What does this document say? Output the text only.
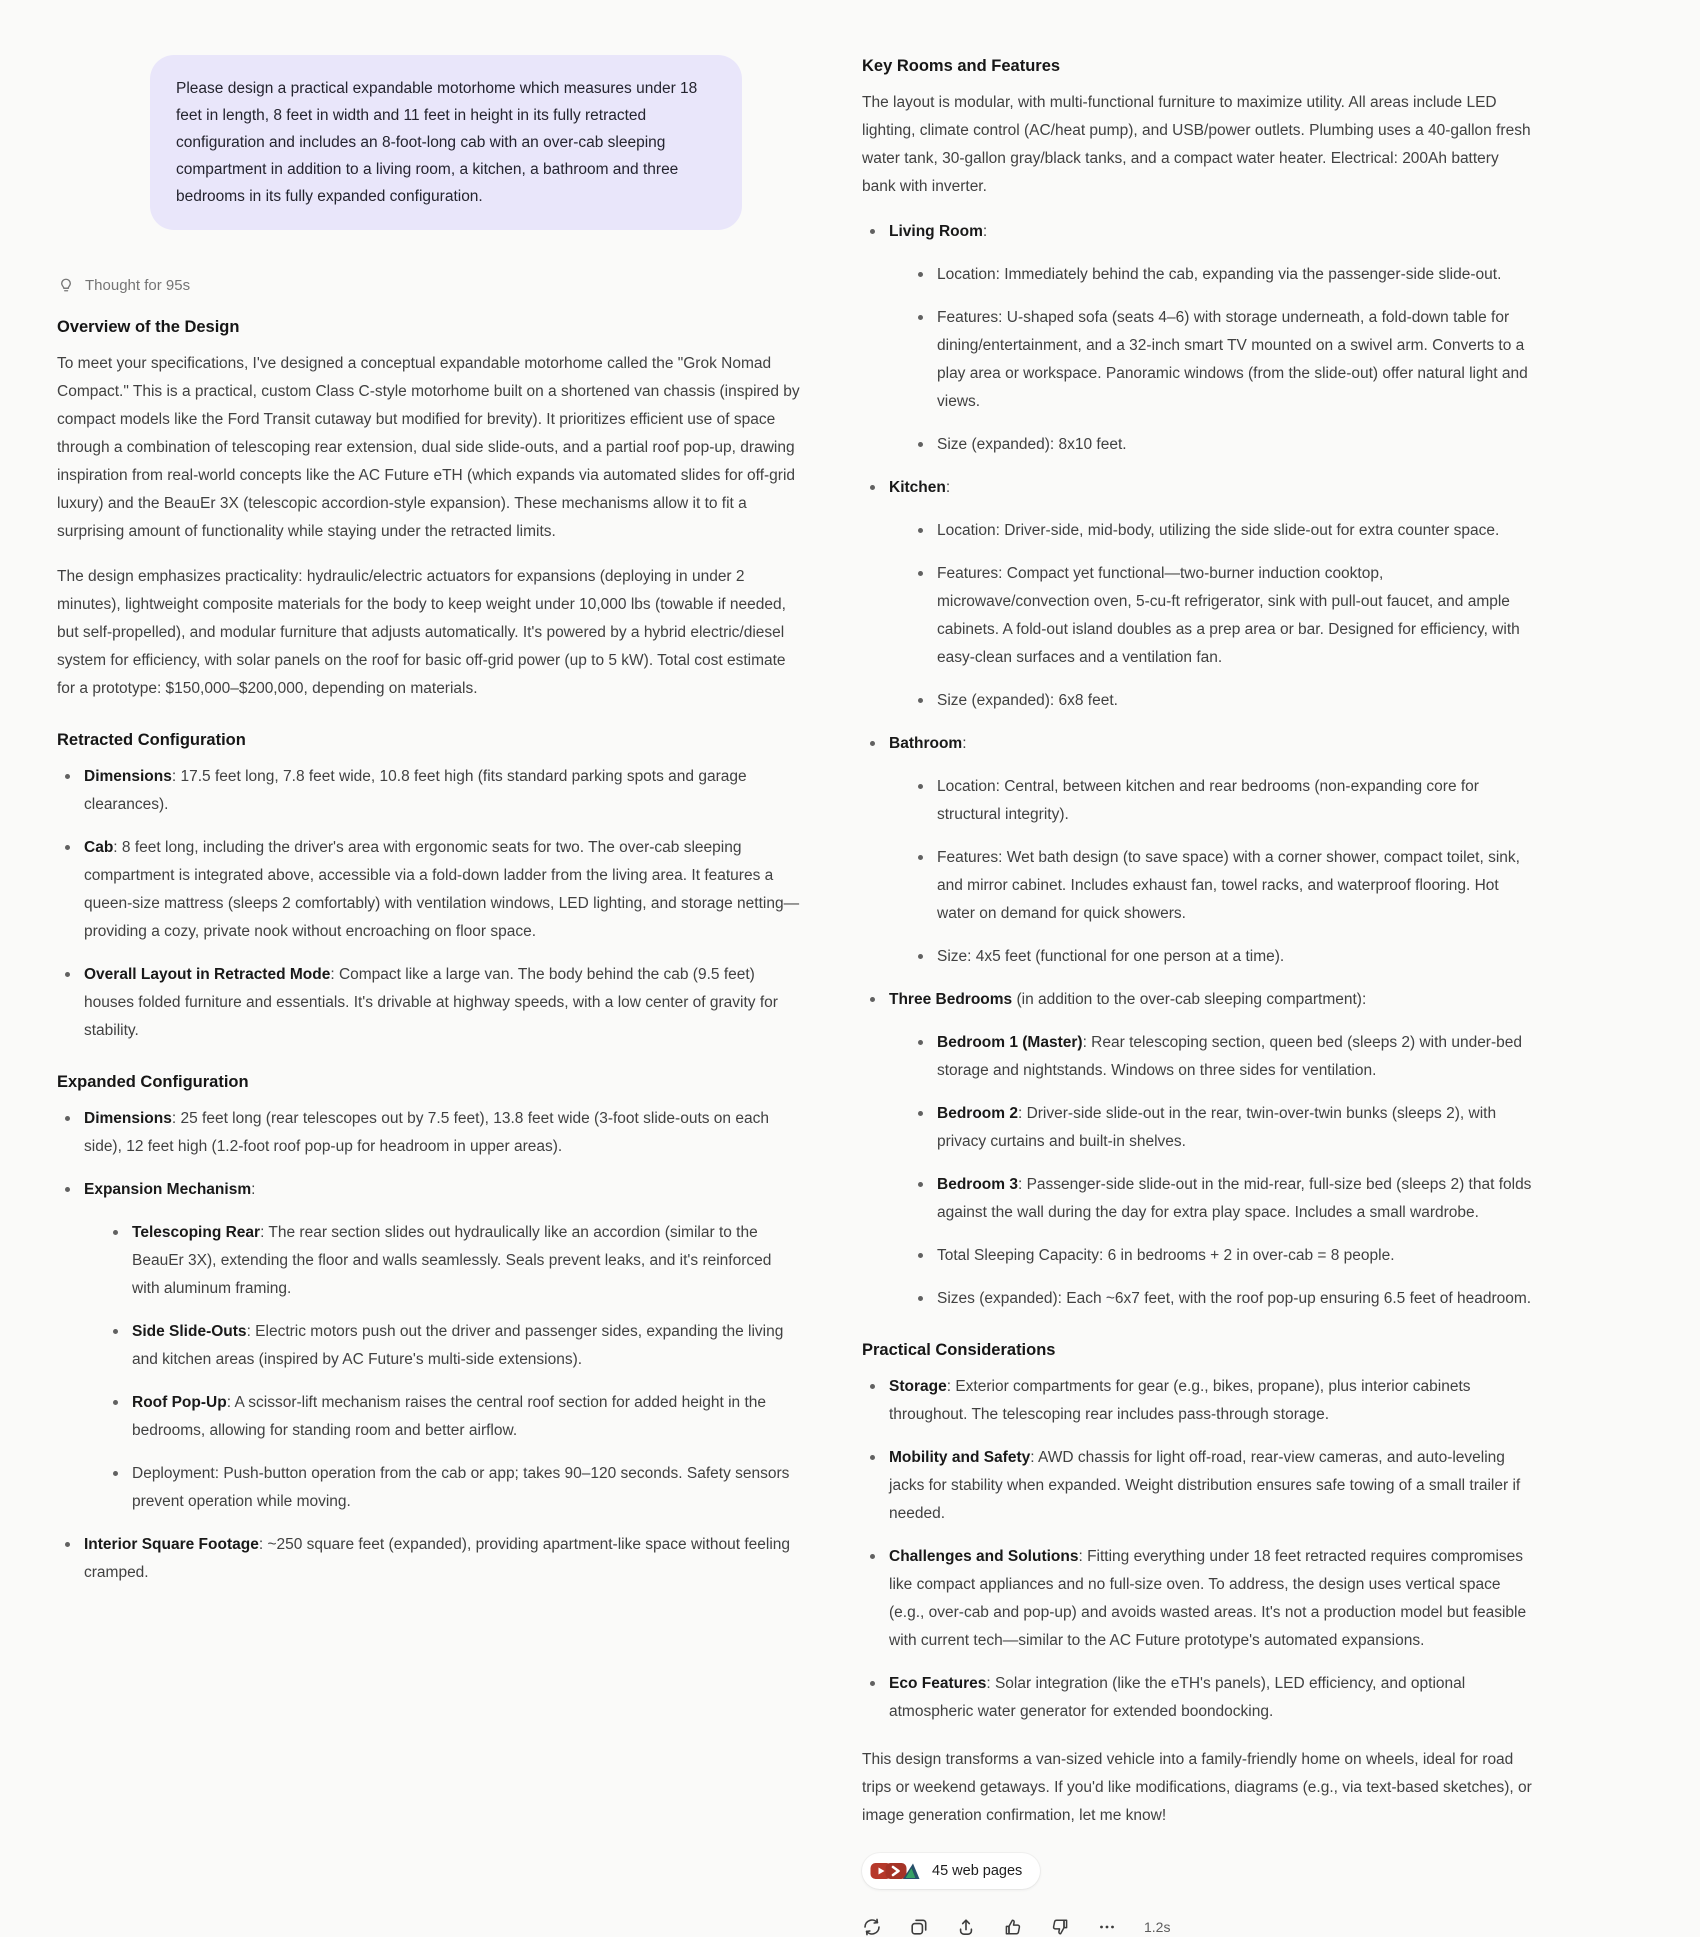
Please design a practical expandable motorhome which measures under 18 feet in length, 8 feet in width and 11 feet in height in its fully retracted configuration and includes an 8-foot-long cab with an over-cab sleeping compartment in addition to a living room, a kitchen, a bathroom and three bedrooms in its fully expanded configuration.
Thought for 95s
Overview of the Design

To meet your specifications, I've designed a conceptual expandable motorhome called the "Grok Nomad Compact." This is a practical, custom Class C-style motorhome built on a shortened van chassis (inspired by compact models like the Ford Transit cutaway but modified for brevity). It prioritizes efficient use of space through a combination of telescoping rear extension, dual side slide-outs, and a partial roof pop-up, drawing inspiration from real-world concepts like the AC Future eTH (which expands via automated slides for off-grid luxury) and the BeauEr 3X (telescopic accordion-style expansion). These mechanisms allow it to fit a surprising amount of functionality while staying under the retracted limits.

The design emphasizes practicality: hydraulic/electric actuators for expansions (deploying in under 2 minutes), lightweight composite materials for the body to keep weight under 10,000 lbs (towable if needed, but self-propelled), and modular furniture that adjusts automatically. It's powered by a hybrid electric/diesel system for efficiency, with solar panels on the roof for basic off-grid power (up to 5 kW). Total cost estimate for a prototype: $150,000–$200,000, depending on materials.

Retracted Configuration
Dimensions: 17.5 feet long, 7.8 feet wide, 10.8 feet high (fits standard parking spots and garage clearances).
Cab: 8 feet long, including the driver's area with ergonomic seats for two. The over-cab sleeping compartment is integrated above, accessible via a fold-down ladder from the living area. It features a queen-size mattress (sleeps 2 comfortably) with ventilation windows, LED lighting, and storage netting—providing a cozy, private nook without encroaching on floor space.
Overall Layout in Retracted Mode: Compact like a large van. The body behind the cab (9.5 feet) houses folded furniture and essentials. It's drivable at highway speeds, with a low center of gravity for stability.
Expanded Configuration
Dimensions: 25 feet long (rear telescopes out by 7.5 feet), 13.8 feet wide (3-foot slide-outs on each side), 12 feet high (1.2-foot roof pop-up for headroom in upper areas).
Expansion Mechanism:
Telescoping Rear: The rear section slides out hydraulically like an accordion (similar to the BeauEr 3X), extending the floor and walls seamlessly. Seals prevent leaks, and it's reinforced with aluminum framing.
Side Slide-Outs: Electric motors push out the driver and passenger sides, expanding the living and kitchen areas (inspired by AC Future's multi-side extensions).
Roof Pop-Up: A scissor-lift mechanism raises the central roof section for added height in the bedrooms, allowing for standing room and better airflow.
Deployment: Push-button operation from the cab or app; takes 90–120 seconds. Safety sensors prevent operation while moving.
Interior Square Footage: ~250 square feet (expanded), providing apartment-like space without feeling cramped.
Key Rooms and Features

The layout is modular, with multi-functional furniture to maximize utility. All areas include LED lighting, climate control (AC/heat pump), and USB/power outlets. Plumbing uses a 40-gallon fresh water tank, 30-gallon gray/black tanks, and a compact water heater. Electrical: 200Ah battery bank with inverter.

Living Room:
Location: Immediately behind the cab, expanding via the passenger-side slide-out.
Features: U-shaped sofa (seats 4–6) with storage underneath, a fold-down table for dining/entertainment, and a 32-inch smart TV mounted on a swivel arm. Converts to a play area or workspace. Panoramic windows (from the slide-out) offer natural light and views.
Size (expanded): 8x10 feet.
Kitchen:
Location: Driver-side, mid-body, utilizing the side slide-out for extra counter space.
Features: Compact yet functional—two-burner induction cooktop, microwave/convection oven, 5-cu-ft refrigerator, sink with pull-out faucet, and ample cabinets. A fold-out island doubles as a prep area or bar. Designed for efficiency, with easy-clean surfaces and a ventilation fan.
Size (expanded): 6x8 feet.
Bathroom:
Location: Central, between kitchen and rear bedrooms (non-expanding core for structural integrity).
Features: Wet bath design (to save space) with a corner shower, compact toilet, sink, and mirror cabinet. Includes exhaust fan, towel racks, and waterproof flooring. Hot water on demand for quick showers.
Size: 4x5 feet (functional for one person at a time).
Three Bedrooms (in addition to the over-cab sleeping compartment):
Bedroom 1 (Master): Rear telescoping section, queen bed (sleeps 2) with under-bed storage and nightstands. Windows on three sides for ventilation.
Bedroom 2: Driver-side slide-out in the rear, twin-over-twin bunks (sleeps 2), with privacy curtains and built-in shelves.
Bedroom 3: Passenger-side slide-out in the mid-rear, full-size bed (sleeps 2) that folds against the wall during the day for extra play space. Includes a small wardrobe.
Total Sleeping Capacity: 6 in bedrooms + 2 in over-cab = 8 people.
Sizes (expanded): Each ~6x7 feet, with the roof pop-up ensuring 6.5 feet of headroom.
Practical Considerations
Storage: Exterior compartments for gear (e.g., bikes, propane), plus interior cabinets throughout. The telescoping rear includes pass-through storage.
Mobility and Safety: AWD chassis for light off-road, rear-view cameras, and auto-leveling jacks for stability when expanded. Weight distribution ensures safe towing of a small trailer if needed.
Challenges and Solutions: Fitting everything under 18 feet retracted requires compromises like compact appliances and no full-size oven. To address, the design uses vertical space (e.g., over-cab and pop-up) and avoids wasted areas. It's not a production model but feasible with current tech—similar to the AC Future prototype's automated expansions.
Eco Features: Solar integration (like the eTH's panels), LED efficiency, and optional atmospheric water generator for extended boondocking.

This design transforms a van-sized vehicle into a family-friendly home on wheels, ideal for road trips or weekend getaways. If you'd like modifications, diagrams (e.g., via text-based sketches), or image generation confirmation, let me know!

45 web pages
1.2s
